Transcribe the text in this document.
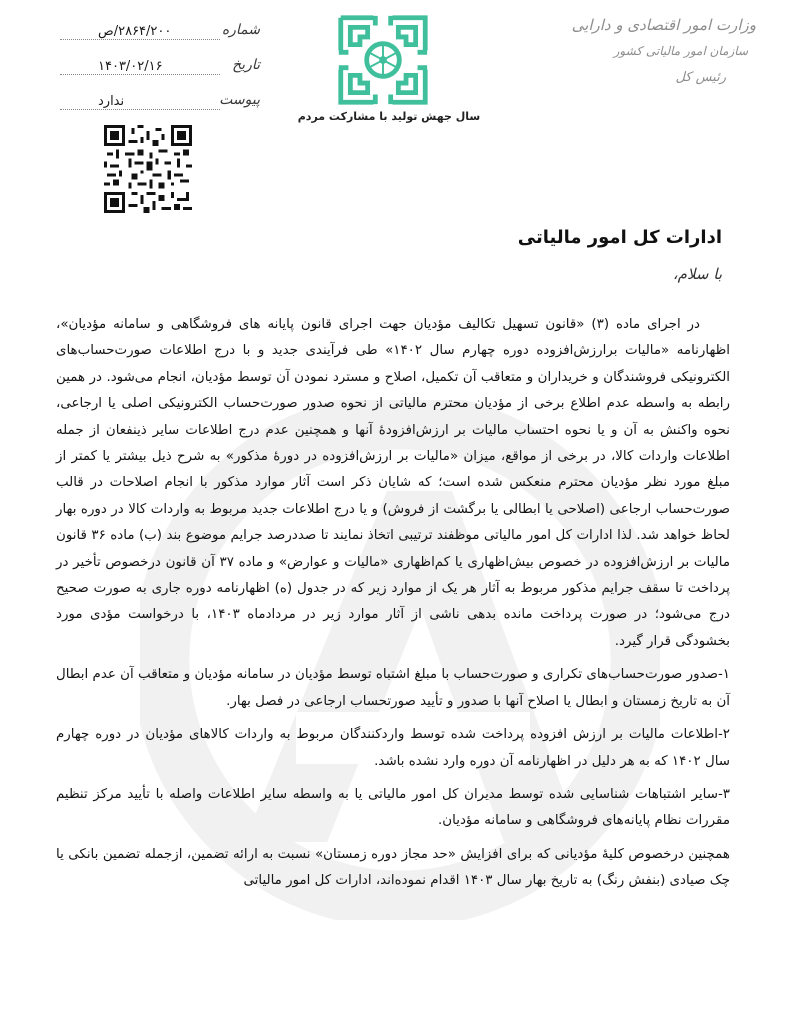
۲۸۶۴/۲۰۰/ص	شماره
۱۴۰۳/۰۲/۱۶	تاریخ
ندارد	پیوست
سال جهش تولید با مشارکت مردم
وزارت امور اقتصادی و دارایی
سازمان امور مالیاتی کشور
رئیس کل
ادارات کل امور مالیاتی
با سلام،

در اجرای ماده (۳) «قانون تسهیل تکالیف مؤدیان جهت اجرای قانون پایانه های فروشگاهی و سامانه مؤدیان»، اظهارنامه «مالیات برارزش‌افزوده دوره چهارم سال ۱۴۰۲» طی فرآیندی جدید و با درج اطلاعات صورت‌حساب‌های الکترونیکی فروشندگان و خریداران و متعاقب آن تکمیل، اصلاح و مسترد نمودن آن توسط مؤدیان، انجام می‌شود. در همین رابطه به واسطه عدم اطلاع برخی از مؤدیان محترم مالیاتی از نحوه صدور صورت‌حساب الکترونیکی اصلی یا ارجاعی، نحوه واکنش به آن و یا نحوه احتساب مالیات بر ارزش‌افزودهٔ آنها و همچنین عدم درج اطلاعات سایر ذینفعان از جمله اطلاعات واردات کالا، در برخی از مواقع، میزان «مالیات بر ارزش‌افزوده در دورهٔ مذکور» به شرح ذیل بیشتر یا کمتر از مبلغ مورد نظر مؤدیان محترم منعکس شده است؛ که شایان ذکر است آثار موارد مذکور با انجام اصلاحات در قالب صورت‌حساب ارجاعی (اصلاحی یا ابطالی یا برگشت از فروش) و یا درج اطلاعات جدید مربوط به واردات کالا در دوره بهار لحاظ خواهد شد. لذا ادارات کل امور مالیاتی موظفند ترتیبی اتخاذ نمایند تا صددرصد جرایم موضوع بند (ب) ماده ۳۶ قانون مالیات بر ارزش‌افزوده در خصوص بیش‌اظهاری یا کم‌اظهاری «مالیات و عوارض» و ماده ۳۷ آن قانون درخصوص تأخیر در پرداخت تا سقف جرایم مذکور مربوط به آثار هر یک از موارد زیر که در جدول (ه) اظهارنامه دوره جاری به صورت صحیح درج می‌شود؛ در صورت پرداخت مانده بدهی ناشی از آثار موارد زیر در مردادماه ۱۴۰۳، با درخواست مؤدی مورد بخشودگی قرار گیرد.

۱-صدور صورت‌حساب‌های تکراری و صورت‌حساب با مبلغ اشتباه توسط مؤدیان در سامانه مؤدیان و متعاقب آن عدم ابطال آن به تاریخ زمستان و ابطال یا اصلاح آنها با صدور و تأیید صورتحساب ارجاعی در فصل بهار.

۲-اطلاعات مالیات بر ارزش افزوده پرداخت شده توسط واردکنندگان مربوط به واردات کالاهای مؤدیان در دوره چهارم سال ۱۴۰۲ که به هر دلیل در اظهارنامه آن دوره وارد نشده باشد.

۳-سایر اشتباهات شناسایی شده توسط مدیران کل امور مالیاتی یا به واسطه سایر اطلاعات واصله با تأیید مرکز تنظیم مقررات نظام پایانه‌های فروشگاهی و سامانه مؤدیان.

همچنین درخصوص کلیهٔ مؤدیانی که برای افزایش «حد مجاز دوره زمستان» نسبت به ارائه تضمین، ازجمله تضمین بانکی یا چک صیادی (بنفش رنگ) به تاریخ بهار سال ۱۴۰۳ اقدام نموده‌اند، ادارات کل امور مالیاتی
